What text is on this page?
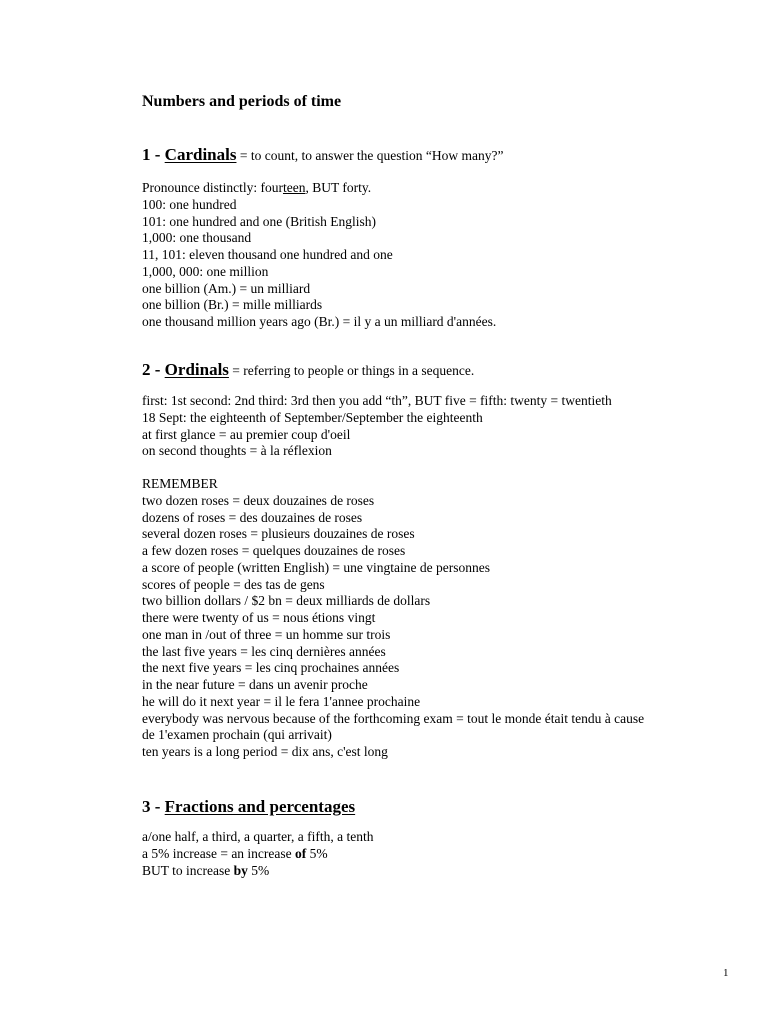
Numbers and periods of time
1 - Cardinals = to count, to answer the question “How many?”
Pronounce distinctly: fourteen, BUT forty.
100: one hundred
101: one hundred and one (British English)
1,000: one thousand
11, 101: eleven thousand one hundred and one
1,000, 000: one million
one billion (Am.) = un milliard
one billion (Br.) = mille milliards
one thousand million years ago (Br.) = il y a un milliard d'années.
2 - Ordinals = referring to people or things in a sequence.
first: 1st second: 2nd third: 3rd then you add “th”, BUT five = fifth: twenty = twentieth
18 Sept: the eighteenth of September/September the eighteenth
at first glance = au premier coup d'oeil
on second thoughts = à la réflexion
REMEMBER
two dozen roses = deux douzaines de roses
dozens of roses = des douzaines de roses
several dozen roses = plusieurs douzaines de roses
a few dozen roses = quelques douzaines de roses
a score of people (written English) = une vingtaine de personnes
scores of people = des tas de gens
two billion dollars / $2 bn = deux milliards de dollars
there were twenty of us = nous étions vingt
one man in /out of three = un homme sur trois
the last five years = les cinq dernières années
the next five years = les cinq prochaines années
in the near future = dans un avenir proche
he will do it next year = il le fera 1'annee prochaine
everybody was nervous because of the forthcoming exam = tout le monde était tendu à cause
de 1'examen prochain (qui arrivait)
ten years is a long period = dix ans, c'est long
3 - Fractions and percentages
a/one half, a third, a quarter, a fifth, a tenth
a 5% increase = an increase of 5%
BUT to increase by 5%
1
